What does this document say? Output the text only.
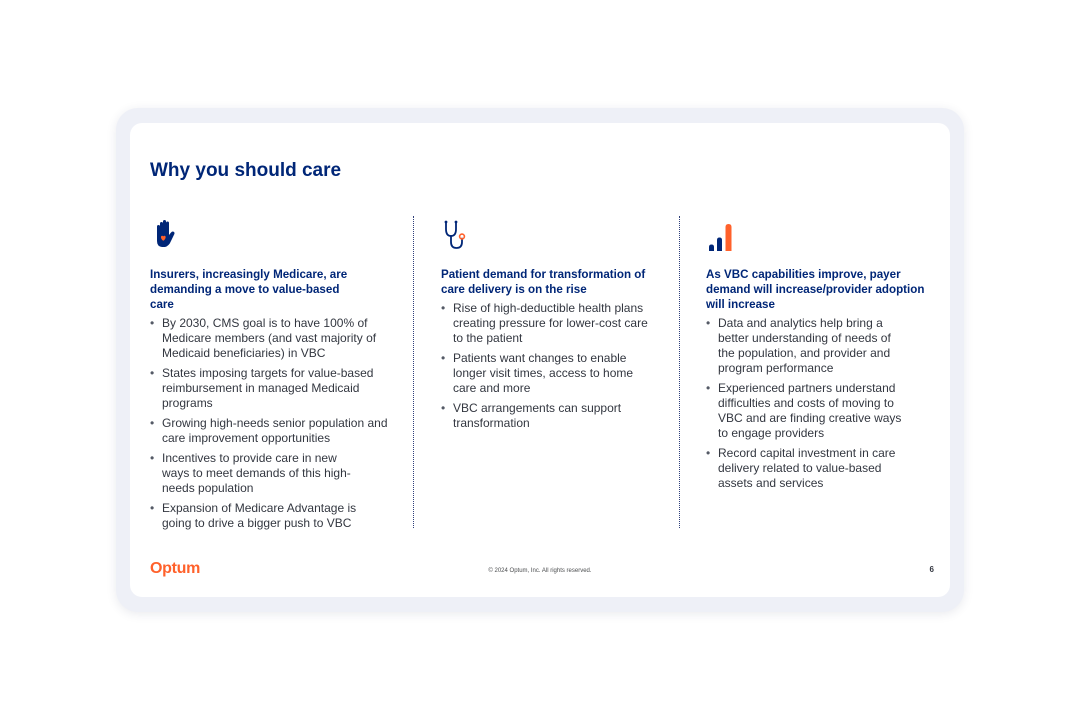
Why you should care
Insurers, increasingly Medicare, are demanding a move to value-based care
• By 2030, CMS goal is to have 100% of Medicare members (and vast majority of Medicaid beneficiaries) in VBC
• States imposing targets for value-based reimbursement in managed Medicaid programs
• Growing high-needs senior population and care improvement opportunities
• Incentives to provide care in new ways to meet demands of this high-needs population
• Expansion of Medicare Advantage is going to drive a bigger push to VBC
Patient demand for transformation of care delivery is on the rise
• Rise of high-deductible health plans creating pressure for lower-cost care to the patient
• Patients want changes to enable longer visit times, access to home care and more
• VBC arrangements can support transformation
As VBC capabilities improve, payer demand will increase/provider adoption will increase
• Data and analytics help bring a better understanding of needs of the population, and provider and program performance
• Experienced partners understand difficulties and costs of moving to VBC and are finding creative ways to engage providers
• Record capital investment in care delivery related to value-based assets and services
Optum	© 2024 Optum, Inc. All rights reserved.	6
